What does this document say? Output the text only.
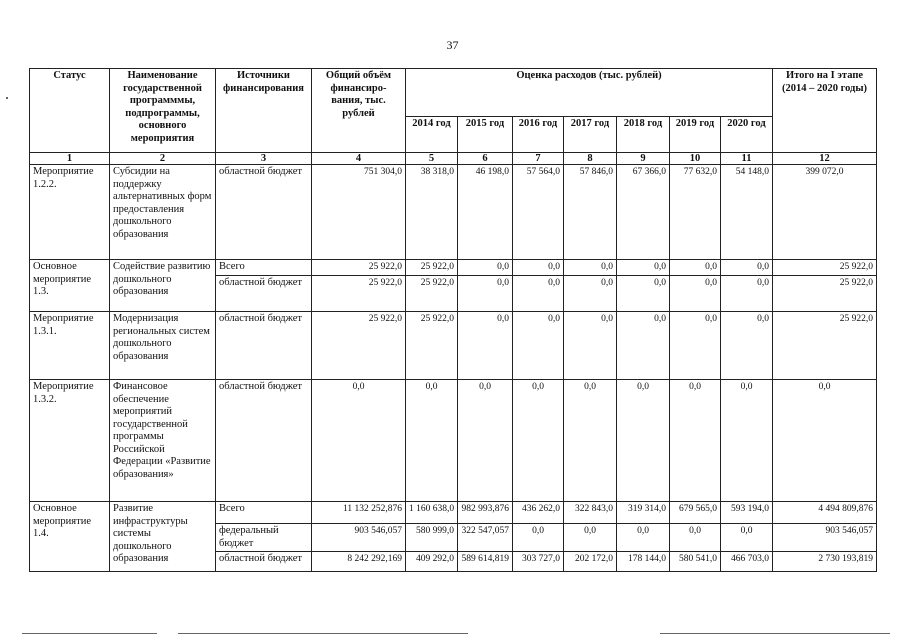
37
Статус	Наименование государственной программмы, подпрограммы, основного мероприятия	Источники финансирования	Общий объём финансиро-вания, тыс. рублей	Оценка расходов (тыс. рублей)							Итого на I этапе (2014 – 2020 годы)
				2014 год	2015 год	2016 год	2017 год	2018 год	2019 год	2020 год	
1	2	3	4	5	6	7	8	9	10	11	12
Мероприятие 1.2.2.	Субсидии на поддержку альтернативных форм предоставления дошкольного образования	областной бюджет	751 304,0	38 318,0	46 198,0	57 564,0	57 846,0	67 366,0	77 632,0	54 148,0	399 072,0
Основное мероприятие 1.3.	Содействие развитию дошкольного образования	Всего	25 922,0	25 922,0	0,0	0,0	0,0	0,0	0,0	0,0	25 922,0
		областной бюджет	25 922,0	25 922,0	0,0	0,0	0,0	0,0	0,0	0,0	25 922,0
Мероприятие 1.3.1.	Модернизация региональных систем дошкольного образования	областной бюджет	25 922,0	25 922,0	0,0	0,0	0,0	0,0	0,0	0,0	25 922,0
Мероприятие 1.3.2.	Финансовое обеспечение мероприятий государственной программы Российской Федерации «Развитие образования»	областной бюджет	0,0	0,0	0,0	0,0	0,0	0,0	0,0	0,0	0,0
Основное мероприятие 1.4.	Развитие инфраструктуры системы дошкольного образования	Всего	11 132 252,876	1 160 638,0	982 993,876	436 262,0	322 843,0	319 314,0	679 565,0	593 194,0	4 494 809,876
		федеральный бюджет	903 546,057	580 999,0	322 547,057	0,0	0,0	0,0	0,0	0,0	903 546,057
		областной бюджет	8 242 292,169	409 292,0	589 614,819	303 727,0	202 172,0	178 144,0	580 541,0	466 703,0	2 730 193,819
